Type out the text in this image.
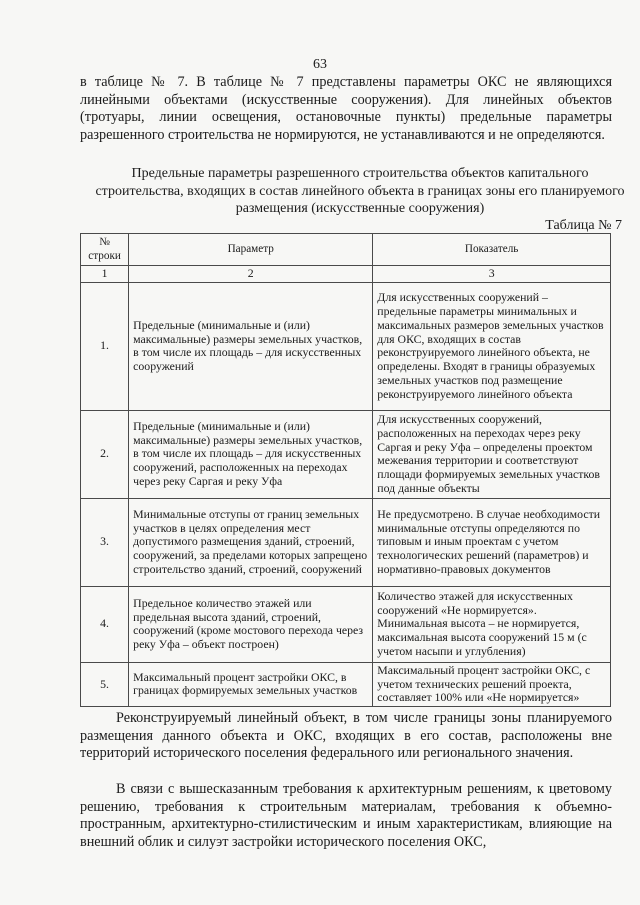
63
в таблице № 7. В таблице № 7 представлены параметры ОКС не являющихся линейными объектами (искусственные сооружения). Для линейных объектов (тротуары, линии освещения, остановочные пункты) предельные параметры разрешенного строительства не нормируются, не устанавливаются и не определяются.
Предельные параметры разрешенного строительства объектов капитального строительства, входящих в состав линейного объекта в границах зоны его планируемого размещения (искусственные сооружения)
Таблица № 7
№ строки	Параметр	Показатель
1	2	3
1.	Предельные (минимальные и (или) максимальные) размеры земельных участков, в том числе их площадь – для искусственных сооружений	Для искусственных сооружений – предельные параметры минимальных и максимальных размеров земельных участков для ОКС, входящих в состав реконструируемого линейного объекта, не определены. Входят в границы образуемых земельных участков под размещение реконструируемого линейного объекта
2.	Предельные (минимальные и (или) максимальные) размеры земельных участков, в том числе их площадь – для искусственных сооружений, расположенных на переходах через реку Саргая и реку Уфа	Для искусственных сооружений, расположенных на переходах через реку Саргая и реку Уфа – определены проектом межевания территории и соответствуют площади формируемых земельных участков под данные объекты
3.	Минимальные отступы от границ земельных участков в целях определения мест допустимого размещения зданий, строений, сооружений, за пределами которых запрещено строительство зданий, строений, сооружений	Не предусмотрено. В случае необходимости минимальные отступы определяются по типовым и иным проектам с учетом технологических решений (параметров) и нормативно-правовых документов
4.	Предельное количество этажей или предельная высота зданий, строений, сооружений (кроме мостового перехода через реку Уфа – объект построен)	Количество этажей для искусственных сооружений «Не нормируется». Минимальная высота – не нормируется, максимальная высота сооружений 15 м (с учетом насыпи и углубления)
5.	Максимальный процент застройки ОКС, в границах формируемых земельных участков	Максимальный процент застройки ОКС, с учетом технических решений проекта, составляет 100% или «Не нормируется»
Реконструируемый линейный объект, в том числе границы зоны планируемого размещения данного объекта и ОКС, входящих в его состав, расположены вне территорий исторического поселения федерального или регионального значения.
В связи с вышесказанным требования к архитектурным решениям, к цветовому решению, требования к строительным материалам, требования к объемно-пространным, архитектурно-стилистическим и иным характеристикам, влияющие на внешний облик и силуэт застройки исторического поселения ОКС,
